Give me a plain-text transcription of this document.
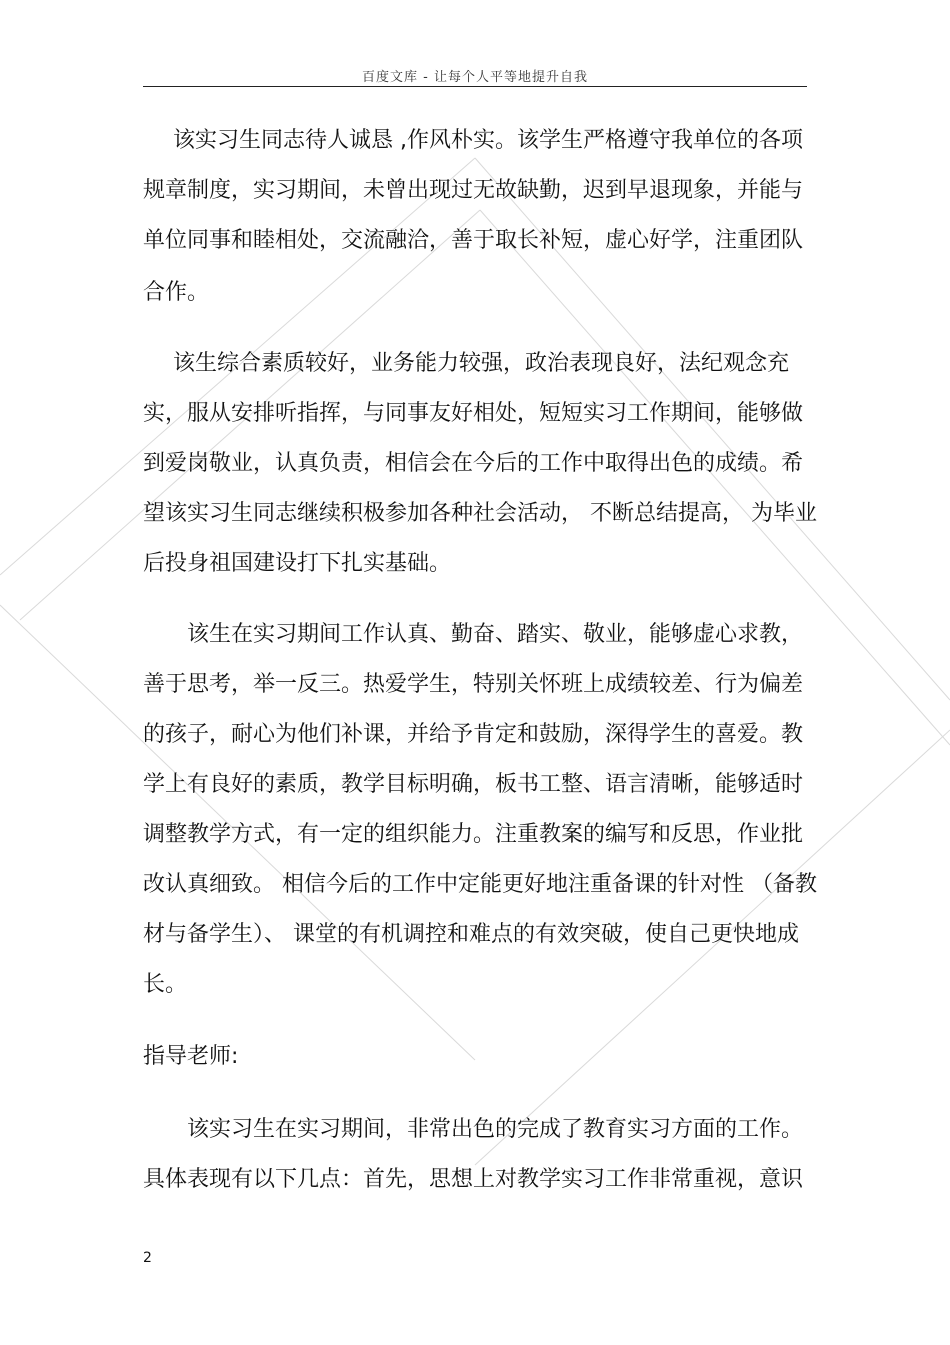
百度文库 - 让每个人平等地提升自我
该实习生同志待人诚恳 ,作风朴实。该学生严格遵守我单位的各项
规章制度，实习期间，未曾出现过无故缺勤，迟到早退现象，并能与
单位同事和睦相处，交流融洽，善于取长补短，虚心好学，注重团队
合作。
该生综合素质较好，业务能力较强，政治表现良好，法纪观念充
实，服从安排听指挥，与同事友好相处，短短实习工作期间，能够做
到爱岗敬业，认真负责，相信会在今后的工作中取得出色的成绩。希
望该实习生同志继续积极参加各种社会活动， 不断总结提高， 为毕业
后投身祖国建设打下扎实基础。
该生在实习期间工作认真、勤奋、踏实、敬业，能够虚心求教，
善于思考，举一反三。热爱学生，特别关怀班上成绩较差、行为偏差
的孩子，耐心为他们补课，并给予肯定和鼓励，深得学生的喜爱。教
学上有良好的素质，教学目标明确，板书工整、语言清晰，能够适时
调整教学方式，有一定的组织能力。注重教案的编写和反思，作业批
改认真细致。 相信今后的工作中定能更好地注重备课的针对性 （备教
材与备学生）、 课堂的有机调控和难点的有效突破，使自己更快地成
长。
指导老师:
该实习生在实习期间，非常出色的完成了教育实习方面的工作。
具体表现有以下几点：首先，思想上对教学实习工作非常重视，意识
2
